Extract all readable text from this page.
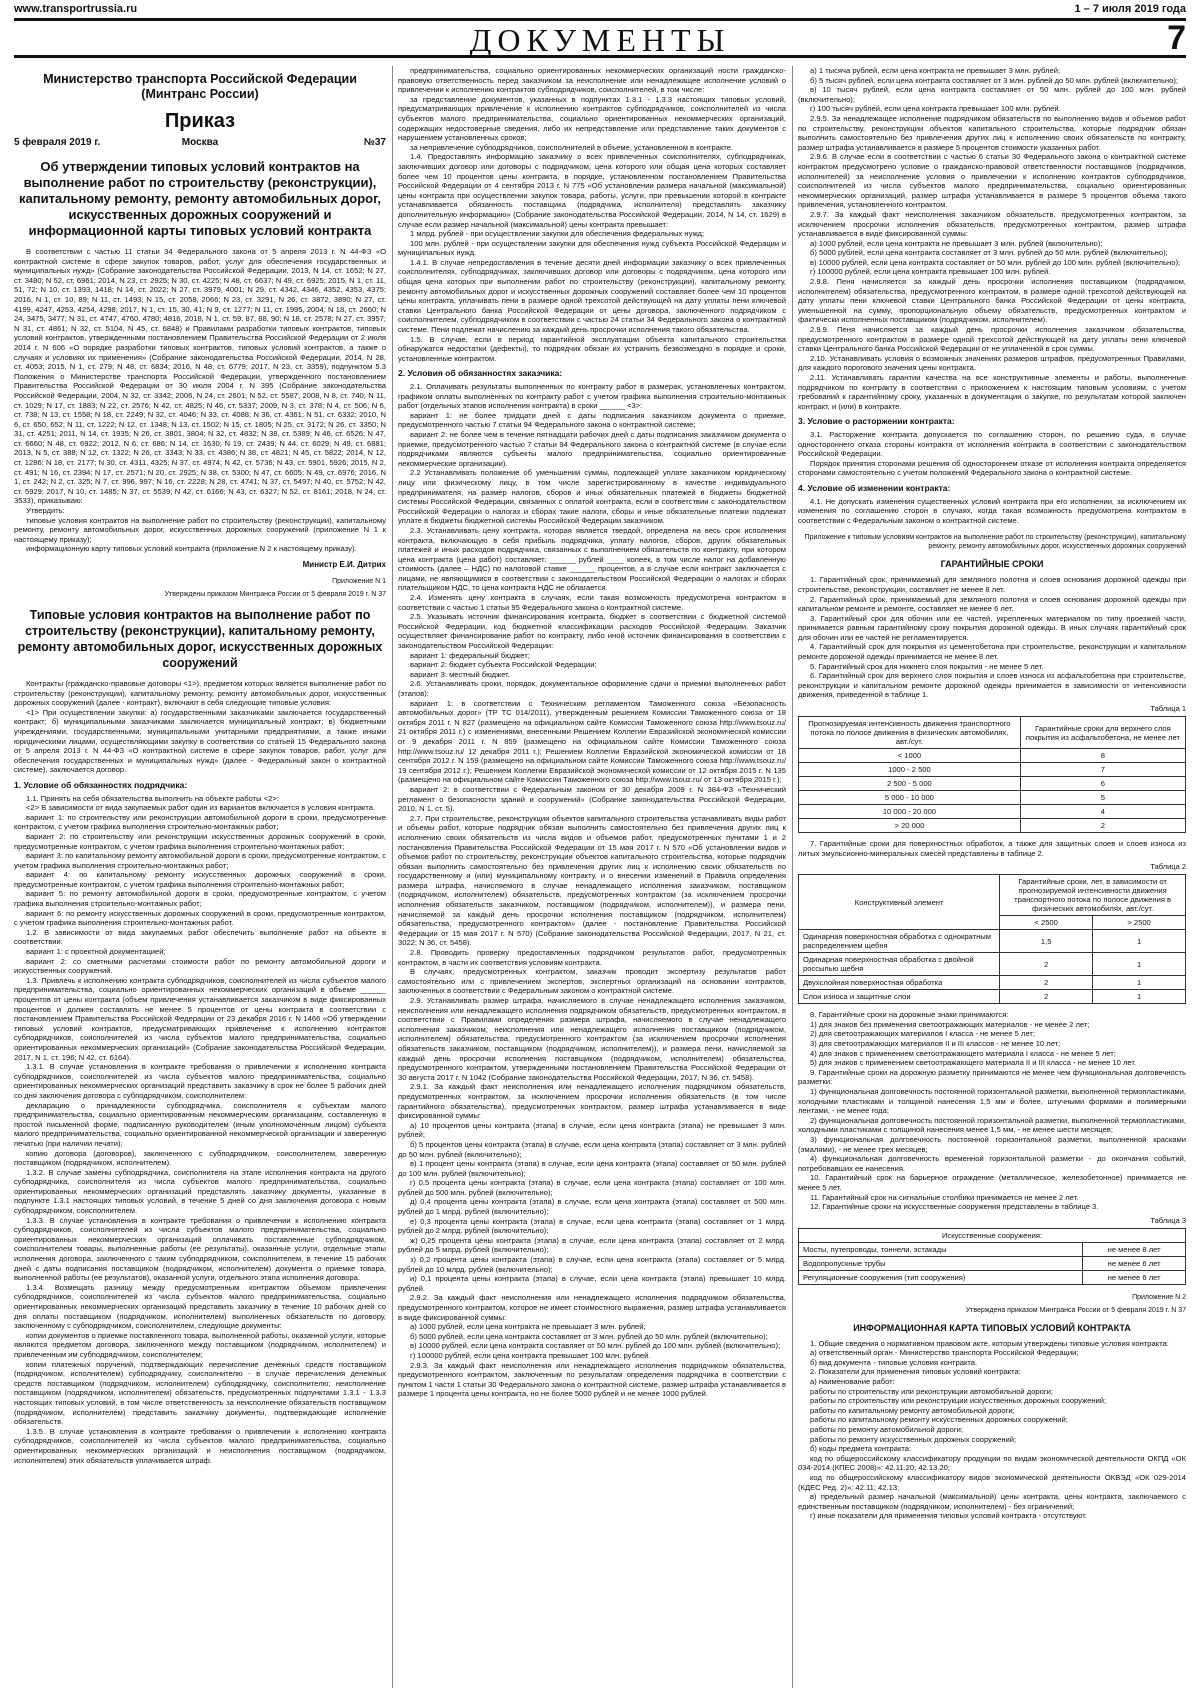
www.transportrussia.ru	1 – 7 июля 2019 года
ДОКУМЕНТЫ	7
Министерство транспорта Российской Федерации (Минтранс России)
Приказ
5 февраля 2019 г.	Москва	№37
Об утверждении типовых условий контрактов на выполнение работ по строительству (реконструкции), капитальному ремонту, ремонту автомобильных дорог, искусственных дорожных сооружений и информационной карты типовых условий контракта

В соответствии с частью 11 статьи 34 Федерального закона от 5 апреля 2013 г. N 44-ФЗ «О контрактной системе в сфере закупок товаров, работ, услуг для обеспечения государственных и муниципальных нужд» (Собрание законодательства Российской Федерации, 2013, N 14, ст. 1652; N 27, ст. 3480; N 52, ст. 6961; 2014, N 23, ст. 2925; N 30, ст. 4225; N 48, ст. 6637; N 49, ст. 6925; 2015, N 1, ст. 11, 51, 72; N 10, ст. 1393, 1418; N 14, ст. 2022; N 27, ст. 3979, 4001; N 29, ст. 4342, 4346, 4352, 4353, 4375; 2016, N 1, ст. 10, 89; N 11, ст. 1493; N 15, ст. 2058, 2066; N 23, ст. 3291, N 26, ст. 3872, 3890; N 27, ст. 4199, 4247, 4253, 4254, 4298; 2017, N 1, ст. 15, 30, 41; N 9, ст. 1277; N 11, ст. 1995, 2004; N 18, ст. 2660; N 24, 3475, 3477; N 31, ст. 4747, 4760, 4780; 4816, 2018, N 1, ст. 59, 87, 88, 90; N 18, ст. 2578; N 27, ст. 3957; N 31, ст. 4861; N 32, ст. 5104, N 45, ст. 6848) и Правилами разработки типовых контрактов, типовых условий контрактов, утвержденными постановлением Правительства Российской Федерации от 2 июля 2014 г. N 606 «О порядке разработки типовых контрактов, типовых условий контрактов, а также о случаях и условиях их применения» (Собрание законодательства Российской Федерации, 2014, N 28, ст. 4053; 2015, N 1, ст. 279; N 48, ст. 6834; 2016, N 48, ст. 6779; 2017, N 23, ст. 3359), подпунктом 5.3 Положения о Министерстве транспорта Российской Федерации, утвержденного постановлением Правительства Российской Федерации от 30 июля 2004 г. N 395 (Собрание законодательства Российской Федерации, 2004, N 32, ст. 3342; 2006, N 24, ст. 2601; N 52, ст. 5587; 2008, N 8, ст. 740; N 11, ст. 1029; N 17, ст. 1883; N 22, ст. 2576; N 42, ст. 4825; N 46, ст. 5337; 2009, N 3, ст. 378; N 4, ст. 506; N 6, ст. 738; N 13, ст. 1558; N 18, ст. 2249; N 32, ст. 4046; N 33, ст. 4088; N 36, ст. 4361; N 51, ст. 6332; 2010, N 6, ст. 650, 652; N 11, ст. 1222; N 12, ст. 1348; N 13, ст. 1502; N 15, ст. 1805; N 25, ст. 3172; N 26, ст. 3350; N 31, ст. 4251; 2011, N 14, ст. 1935; N 26, ст. 3801, 3804; N 32, ст. 4832; N 38, ст. 5389; N 46, ст. 6526; N 47, ст. 6660; N 48, ст. 6922; 2012, N 6, ст. 686; N 14, ст. 1630; N 19, ст. 2439; N 44, ст. 6029; N 49, ст. 6881; 2013, N 5, ст. 388; N 12, ст. 1322; N 26, ст. 3343; N 33, ст. 4386; N 38, ст. 4821; N 45, ст. 5822; 2014, N 12, ст. 1286; N 18, ст. 2177; N 30, ст. 4311, 4325; N 37, ст. 4974; N 42, ст. 5736; N 43, ст. 5901, 5926; 2015, N 2, ст. 491; N 16, ст. 2394; N 17, ст. 2571; N 20, ст. 2925; N 38, ст. 5300; N 47, ст. 6605; N 49, ст. 6976; 2016, N 1, ст. 242; N 2, ст. 325; N 7, ст. 996, 997; N 16, ст. 2228; N 28, ст. 4741; N 37, ст. 5497; N 40, ст. 5752; N 42, ст. 5929; 2017, N 10, ст. 1485; N 37, ст. 5539; N 42, ст. 6166; N 43, ст. 6327; N 52, ст. 8161; 2018, N 24, ст. 3533), приказываю:

Утвердить:

типовые условия контрактов на выполнение работ по строительству (реконструкции), капитальному ремонту, ремонту автомобильных дорог, искусственных дорожных сооружений (приложение N 1 к настоящему приказу);

информационную карту типовых условий контракта (приложение N 2 к настоящему приказу).

Министр Е.И. Дитрих
Приложение N 1
Утверждены приказом Минтранса России от 5 февраля 2019 г. N 37
Типовые условия контрактов на выполнение работ по строительству (реконструкции), капитальному ремонту, ремонту автомобильных дорог, искусственных дорожных сооружений

Контракты (гражданско-правовые договоры <1>), предметом которых является выполнение работ по строительству (реконструкции), капитальному ремонту, ремонту автомобильных дорог, искусственных дорожных сооружений (далее - контракт), включают в себя следующие типовые условия:

<1> При осуществлении закупки: а) государственными заказчиками заключается государственный контракт; б) муниципальными заказчиками заключается муниципальный контракт; в) бюджетными учреждениями, государственными, муниципальными унитарными предприятиями, а также иными юридическими лицами, осуществляющими закупку в соответствии со статьей 15 Федерального закона от 5 апреля 2013 г. N 44-ФЗ «О контрактной системе в сфере закупок товаров, работ, услуг для обеспечения государственных и муниципальных нужд» (далее - Федеральный закон о контрактной системе), заключается договор.

1. Условие об обязанностях подрядчика:

1.1. Принять на себя обязательства выполнить на объекте работы <2>:

<2> В зависимости от вида закупаемых работ один из вариантов включается в условия контракта.

вариант 1: по строительству или реконструкции автомобильной дороги в сроки, предусмотренные контрактом, с учетом графика выполнения строительно-монтажных работ;

вариант 2: по строительству или реконструкции искусственных дорожных сооружений в сроки, предусмотренные контрактом, с учетом графика выполнения строительно-монтажных работ;

вариант 3: по капитальному ремонту автомобильной дороги в сроки, предусмотренные контрактом, с учетом графика выполнения строительно-монтажных работ;

вариант 4: по капитальному ремонту искусственных дорожных сооружений в сроки, предусмотренные контрактом, с учетом графика выполнения строительно-монтажных работ;

вариант 5: по ремонту автомобильной дороги в сроки, предусмотренные контрактом, с учетом графика выполнения строительно-монтажных работ;

вариант 6: по ремонту искусственных дорожных сооружений в сроки, предусмотренные контрактом, с учетом графика выполнения строительно-монтажных работ.

1.2. В зависимости от вида закупаемых работ обеспечить выполнение работ на объекте в соответствии:

вариант 1: с проектной документацией;

вариант 2: со сметными расчетами стоимости работ по ремонту автомобильной дороги и искусственных сооружений.

1.3. Привлечь к исполнению контракта субподрядчиков, соисполнителей из числа субъектов малого предпринимательства, социально ориентированных некоммерческих организаций в объеме ______ процентов от цены контракта (объем привлечения устанавливается заказчиком в виде фиксированных процентов и должен составлять не менее 5 процентов от цены контракта в соответствии с постановлением Правительства Российской Федерации от 23 декабря 2016 г. N 1466 «Об утверждении типовых условий контрактов, предусматривающих привлечение к исполнению контрактов субподрядчиков, соисполнителей из числа субъектов малого предпринимательства, социально ориентированных некоммерческих организаций» (Собрание законодательства Российской Федерации, 2017, N 1, ст. 196; N 42, ст. 6164).

1.3.1. В случае установления в контракте требования о привлечении к исполнению контракта субподрядчиков, соисполнителей из числа субъектов малого предпринимательства, социально ориентированных некоммерческих организаций представить заказчику в срок не более 5 рабочих дней со дня заключения договора с субподрядчиком, соисполнителем:

декларацию о принадлежности субподрядчика, соисполнителя к субъектам малого предпринимательства, социально ориентированным некоммерческим организациям, составленную в простой письменной форме, подписанную руководителем (иным уполномоченным лицом) субъекта малого предпринимательства, социально ориентированной некоммерческой организации и заверенную печатью (при наличии печати);

копию договора (договоров), заключенного с субподрядчиком, соисполнителем, заверенную поставщиком (подрядчиком, исполнителем).

1.3.2. В случае замены субподрядчика, соисполнителя на этапе исполнения контракта на другого субподрядчика, соисполнителя из числа субъектов малого предпринимательства, социально ориентированных некоммерческих организаций представлять заказчику документы, указанные в подпункте 1.3.1 настоящих типовых условий, в течение 5 дней со дня заключения договора с новым субподрядчиком, соисполнителем.

1.3.3. В случае установления в контракте требования о привлечении к исполнению контракта субподрядчиков, соисполнителей из числа субъектов малого предпринимательства, социально ориентированных некоммерческих организаций оплачивать поставленные субподрядчиком, соисполнителем товары, выполненные работы (ее результаты), оказанные услуги, отдельные этапы исполнения договора, заключенного с таким субподрядчиком, соисполнителем, в течение 15 рабочих дней с даты подписания поставщиком (подрядчиком, исполнителем) документа о приемке товара, выполненной работы (ее результатов), оказанной услуги, отдельного этапа исполнения договора.

1.3.4. Возмещать разницу между предусмотренным контрактом объемом привлечения субподрядчиков, соисполнителей из числа субъектов малого предпринимательства, социально ориентированных некоммерческих организаций представить заказчику в течение 10 рабочих дней со дня оплаты поставщиком (подрядчиком, исполнителем) выполненных обязательств по договору, заключенному с субподрядчиком, соисполнителем, следующие документы:

копии документов о приемке поставленного товара, выполненной работы, оказанной услуги, которые являются предметом договора, заключенного между поставщиком (подрядчиком, исполнителем) и привлеченным им субподрядчиком, соисполнителем;

копии платежных поручений, подтверждающих перечисление денежных средств поставщиком (подрядчиком, исполнителем) субподрядчику, соисполнителю - в случае перечисления денежных средств поставщиком (подрядчиком, исполнителем) субподрядчику, соисполнителю; неисполнение поставщиком (подрядчиком, исполнителем) обязательств, предусмотренных подпунктами 1.3.1 - 1.3.3 настоящих типовых условий, в том числе ответственность за неисполнение обязательств поставщиком (подрядчиком, исполнителем) представить заказчику документы, подтверждающие исполнение обязательств.

1.3.5. В случае установления в контракте требования о привлечении к исполнению контракта субподрядчиков, соисполнителей из числа субъектов малого предпринимательства, социально ориентированных некоммерческих организаций и неисполнения поставщиком (подрядчиком, исполнителем) этих обязательств уплачивается штраф.

предпринимательства, социально ориентированных некоммерческих организаций ности гражданско-правовую ответственность перед заказчиком за неисполнение или ненадлежащее исполнение условий о привлечении к исполнению контрактов субподрядчиков, соисполнителей, в том числе:

за представление документов, указанных в подпунктах 1.3.1 - 1.3.3 настоящих типовых условий, предусматривающих привлечение к исполнению контрактов субподрядчиков, соисполнителей из числа субъектов малого предпринимательства, социально ориентированных некоммерческих организаций, содержащих недостоверные сведения, либо их непредставление или представление таких документов с нарушением установленных сроков;

за непривлечение субподрядчиков, соисполнителей в объеме, установленном в контракте.

1.4. Предоставлять информацию заказчику о всех привлеченных соисполнителях, субподрядчиках, заключивших договор или договоры с подрядчиком, цена которого или общая цена которых составляет более чем 10 процентов цены контракта, в порядке, установленном постановлением Правительства Российской Федерации от 4 сентября 2013 г. N 775 «Об установлении размера начальной (максимальной) цены контракта при осуществлении закупок товара, работы, услуги, при превышении которой в контракте устанавливается обязанность поставщика (подрядчика, исполнителя) представлять заказчику дополнительную информацию» (Собрание законодательства Российской Федерации, 2014, N 14, ст. 1629) в случае если размер начальной (максимальной) цены контракта превышает:

1 млрд. рублей - при осуществлении закупки для обеспечения федеральных нужд;

100 млн. рублей - при осуществлении закупки для обеспечения нужд субъекта Российской Федерации и муниципальных нужд.

1.4.1. В случае непредоставления в течение десяти дней информации заказчику о всех привлеченных соисполнителях, субподрядчиках, заключивших договор или договоры с подрядчиком, цена которого или общая цена которых при выполнении работ по строительству (реконструкции), капитальному ремонту, ремонту автомобильных дорог и искусственных дорожных сооружений составляет более чем 10 процентов цены контракта, уплачивать пени в размере одной трехсотой действующей на дату уплаты пени ключевой ставки Центрального банка Российской Федерации от цены договора, заключенного подрядчиком с соисполнителем, субподрядчиком в соответствии с частью 24 статьи 34 Федерального закона о контрактной системе. Пени подлежат начислению за каждый день просрочки исполнения такого обязательства.

1.5. В случае, если в период гарантийной эксплуатации объекта капитального строительства обнаружатся недостатки (дефекты), то подрядчик обязан их устранить безвозмездно в порядке и сроки, установленные контрактом.

2. Условия об обязанностях заказчика:

2.1. Оплачивать результаты выполненных по контракту работ в размерах, установленных контрактом, графиком оплаты выполненных по контракту работ с учетом графика выполнения строительно-монтажных работ (отдельных этапов исполнения контракта) в сроки ______ <3>:

вариант 1: не более тридцати дней с даты подписания заказчиком документа о приемке, предусмотренного частью 7 статьи 94 Федерального закона о контрактной системе;

вариант 2: не более чем в течение пятнадцати рабочих дней с даты подписания заказчиком документа о приемке, предусмотренного частью 7 статьи 94 Федерального закона о контрактной системе (в случае если подрядчиками являются субъекты малого предпринимательства, социально ориентированные некоммерческие организации).

2.2 Устанавливать положение об уменьшении суммы, подлежащей уплате заказчиком юридическому лицу или физическому лицу, в том числе зарегистрированному в качестве индивидуального предпринимателя, на размер налогов, сборов и иных обязательных платежей в бюджеты бюджетной системы Российской Федерации, связанных с оплатой контракта, если в соответствии с законодательством Российской Федерации о налогах и сборах такие налоги, сборы и иные обязательные платежи подлежат уплате в бюджеты бюджетной системы Российской Федерации заказчиком.

2.3. Устанавливать цену контракта, которая является твердой, определена на весь срок исполнения контракта, включающую в себя прибыль подрядчика, уплату налогов, сборов, других обязательных платежей и иных расходов подрядчика, связанных с выполнением обязательств по контракту, при котором цена контракта (цена работ) составляет: ______ рублей ____ копеек, в том числе налог на добавленную стоимость (далее – НДС) по налоговой ставке ______ процентов, а в случае если контракт заключается с лицами, не являющимися в соответствии с законодательством Российской Федерации о налогах и сборах плательщиком НДС, то цена контракта НДС не облагается.

2.4. Изменять цену контракта в случаях, если такая возможность предусмотрена контрактом в соответствии с частью 1 статьи 95 Федерального закона о контрактной системе.

2.5. Указывать источник финансирования контракта, бюджет в соответствии с бюджетной системой Российской Федерации, код бюджетной классификации расходов Российской Федерации. Заказчик осуществляет финансирование работ по контракту, либо иной источник финансирования в соответствии с законодательством Российской Федерации:

вариант 1: федеральный бюджет;

вариант 2: бюджет субъекта Российской Федерации;

вариант 3: местный бюджет.

2.6. Устанавливать сроки, порядок, документальное оформление сдачи и приемки выполненных работ (этапов):

вариант 1: в соответствии с Техническим регламентом Таможенного союза «Безопасность автомобильных дорог» (ТР ТС 014/2011), утвержденным решением Комиссии Таможенного союза от 18 октября 2011 г. N 827 (размещено на официальном сайте Комиссии Таможенного союза http://www.tsouz.ru/ 21 октября 2011 г.) с изменениями, внесенными Решением Коллегии Евразийской экономической комиссии от 9 декабря 2011 г. N 859 (размещено на официальном сайте Комиссии Таможенного союза http://www.tsouz.ru/ 12 декабря 2011 г.); Решением Коллегии Евразийской экономической комиссии от 18 сентября 2012 г. N 159 (размещено на официальном сайте Комиссии Таможенного союза http://www.tsouz.ru/ 19 сентября 2012 г.); Решением Коллегии Евразийской экономической комиссии от 12 октября 2015 г. N 135 (размещено на официальном сайте Комиссии Таможенного союза http://www.tsouz.ru/ от 13 октября 2015 г.);

вариант 2: в соответствии с Федеральным законом от 30 декабря 2009 г. N 384-ФЗ «Технический регламент о безопасности зданий и сооружений» (Собрание законодательства Российской Федерации, 2010, N 1, ст. 5).

2.7. При строительстве, реконструкции объектов капитального строительства устанавливать виды работ и объемы работ, которые подрядчик обязан выполнить самостоятельно без привлечения других лиц к исполнению своих обязательств из числа видов и объемов работ, предусмотренных пунктами 1 и 2 постановления Правительства Российской Федерации от 15 мая 2017 г. N 570 «Об установлении видов и объемов работ по строительству, реконструкции объектов капитального строительства, которые подрядчик обязан выполнить самостоятельно без привлечения других лиц к исполнению своих обязательств по государственному и (или) муниципальному контракту, и о внесении изменений в Правила определения размера штрафа, начисляемого в случае ненадлежащего исполнения заказчиком, поставщиком (подрядчиком, исполнителем) обязательств, предусмотренных контрактом (за исключением просрочки исполнения обязательств заказчиком, поставщиком (подрядчиком, исполнителем)), и размера пени, начисляемой за каждый день просрочки исполнения поставщиком (подрядчиком, исполнителем) обязательства, предусмотренного контрактом» (далее - постановление Правительства Российской Федерации от 15 мая 2017 г. N 570) (Собрание законодательства Российской Федерации, 2017, N 21, ст. 3022; N 36, ст. 5458).

2.8. Проводить проверку предоставленных подрядчиком результатов работ, предусмотренных контрактом, в части их соответствия условиям контракта.

В случаях, предусмотренных контрактом, заказчик проводит экспертизу результатов работ самостоятельно или с привлечением экспертов, экспертных организаций на основании контрактов, заключенных в соответствии с Федеральным законом о контрактной системе.

2.9. Устанавливать размер штрафа, начисляемого в случае ненадлежащего исполнения заказчиком, неисполнения или ненадлежащего исполнения подрядчиком обязательств, предусмотренных контрактом, в соответствии с Правилами определения размера штрафа, начисляемого в случае ненадлежащего исполнения заказчиком, неисполнения или ненадлежащего исполнения поставщиком (подрядчиком, исполнителем) обязательства, предусмотренного контрактом (за исключением просрочки исполнения обязательств заказчиком, поставщиком (подрядчиком, исполнителем)), и размера пени, начисляемой за каждый день просрочки исполнения поставщиком (подрядчиком, исполнителем) обязательства, предусмотренного контрактом, утвержденными постановлением Правительства Российской Федерации от 30 августа 2017 г. N 1042 (Собрание законодательства Российской Федерации, 2017, N 36, ст. 5458).

2.9.1. За каждый факт неисполнения или ненадлежащего исполнения подрядчиком обязательств, предусмотренных контрактом, за исключением просрочки исполнения обязательств (в том числе гарантийного обязательства), предусмотренных контрактом, размер штрафа устанавливается в виде фиксированной суммы:

а) 10 процентов цены контракта (этапа) в случае, если цена контракта (этапа) не превышает 3 млн. рублей;

б) 5 процентов цены контракта (этапа) в случае, если цена контракта (этапа) составляет от 3 млн. рублей до 50 млн. рублей (включительно);

в) 1 процент цены контракта (этапа) в случае, если цена контракта (этапа) составляет от 50 млн. рублей до 100 млн. рублей (включительно);

г) 0,5 процента цены контракта (этапа) в случае, если цена контракта (этапа) составляет от 100 млн. рублей до 500 млн. рублей (включительно);

д) 0,4 процента цены контракта (этапа) в случае, если цена контракта (этапа) составляет от 500 млн. рублей до 1 млрд. рублей (включительно);

е) 0,3 процента цены контракта (этапа) в случае, если цена контракта (этапа) составляет от 1 млрд. рублей до 2 млрд. рублей (включительно);

ж) 0,25 процента цены контракта (этапа) в случае, если цена контракта (этапа) составляет от 2 млрд. рублей до 5 млрд. рублей (включительно);

з) 0,2 процента цены контракта (этапа) в случае, если цена контракта (этапа) составляет от 5 млрд. рублей до 10 млрд. рублей (включительно);

и) 0,1 процента цены контракта (этапа) в случае, если цена контракта (этапа) превышает 10 млрд. рублей.

2.9.2. За каждый факт неисполнения или ненадлежащего исполнения подрядчиком обязательства, предусмотренного контрактом, которое не имеет стоимостного выражения, размер штрафа устанавливается в виде фиксированной суммы:

а) 1000 рублей, если цена контракта не превышает 3 млн. рублей;

б) 5000 рублей, если цена контракта составляет от 3 млн. рублей до 50 млн. рублей (включительно);

в) 10000 рублей, если цена контракта составляет от 50 млн. рублей до 100 млн. рублей (включительно);

г) 100000 рублей, если цена контракта превышает 100 млн. рублей.

2.9.3. За каждый факт неисполнения или ненадлежащего исполнения подрядчиком обязательства, предусмотренного контрактом, заключенным по результатам определения подрядчика в соответствии с пунктом 1 части 1 статьи 30 Федерального закона о контрактной системе, размер штрафа устанавливается в размере 1 процента цены контракта, но не более 5000 рублей и не менее 1000 рублей.

а) 1 тысяча рублей, если цена контракта не превышает 3 млн. рублей;

б) 5 тысяч рублей, если цена контракта составляет от 3 млн. рублей до 50 млн. рублей (включительно);

в) 10 тысяч рублей, если цена контракта составляет от 50 млн. рублей до 100 млн. рублей (включительно);

г) 100 тысяч рублей, если цена контракта превышает 100 млн. рублей.

2.9.5. За ненадлежащее исполнение подрядчиком обязательств по выполнению видов и объемов работ по строительству, реконструкции объектов капитального строительства, которые подрядчик обязан выполнить самостоятельно без привлечения других лиц к исполнению своих обязательств по контракту, размер штрафа устанавливается в размере 5 процентов стоимости указанных работ.

2.9.6. В случае если в соответствии с частью 6 статьи 30 Федерального закона о контрактной системе контрактом предусмотрено условие о гражданско-правовой ответственности поставщиков (подрядчиков, исполнителей) за неисполнение условия о привлечении к исполнению контрактов субподрядчиков, соисполнителей из числа субъектов малого предпринимательства, социально ориентированных некоммерческих организаций, размер штрафа устанавливается в размере 5 процентов объема такого привлечения, установленного контрактом.

2.9.7. За каждый факт неисполнения заказчиком обязательств, предусмотренных контрактом, за исключением просрочки исполнения обязательств, предусмотренных контрактом, размер штрафа устанавливается в виде фиксированной суммы:

а) 1000 рублей, если цена контракта не превышает 3 млн. рублей (включительно);

б) 5000 рублей, если цена контракта составляет от 3 млн. рублей до 50 млн. рублей (включительно);

в) 10000 рублей, если цена контракта составляет от 50 млн. рублей до 100 млн. рублей (включительно);

г) 100000 рублей, если цена контракта превышает 100 млн. рублей.

2.9.8. Пеня начисляется за каждый день просрочки исполнения поставщиком (подрядчиком, исполнителем) обязательства, предусмотренного контрактом, в размере одной трехсотой действующей на дату уплаты пени ключевой ставки Центрального банка Российской Федерации от цены контракта, уменьшенной на сумму, пропорциональную объему обязательств, предусмотренных контрактом и фактически исполненных поставщиком (подрядчиком, исполнителем).

2.9.9. Пеня начисляется за каждый день просрочки исполнения заказчиком обязательства, предусмотренного контрактом в размере одной трехсотой действующей на дату уплаты пени ключевой ставки Центрального банка Российской Федерации от не уплаченной в срок суммы.

2.10. Устанавливать условия о возможных значениях размеров штрафов, предусмотренных Правилами, для каждого порогового значения цены контракта.

2.11. Устанавливать гарантии качества на все конструктивные элементы и работы, выполненные подрядчиком по контракту в соответствии с приложением к настоящим типовым условиям, с учетом требований к гарантийному сроку, указанных в документации о закупке, по результатам которой заключен контракт, и (или) в контракте.

3. Условие о расторжении контракта:

3.1. Расторжение контракта допускается по соглашению сторон, по решению суда, в случае одностороннего отказа стороны контракта от исполнения контракта в соответствии с законодательством Российской Федерации.

Порядок принятия сторонами решения об одностороннем отказе от исполнения контракта определяется сторонами самостоятельно с учетом положений Федерального закона о контрактной системе.

4. Условие об изменении контракта:

4.1. Не допускать изменения существенных условий контракта при его исполнении, за исключением их изменения по соглашению сторон в случаях, когда такая возможность предусмотрена контрактом в соответствии с Федеральным законом о контрактной системе.

Приложение к типовым условиям контрактов на выполнение работ по строительству (реконструкции), капитальному ремонту, ремонту автомобильных дорог, искусственных дорожных сооружений
ГАРАНТИЙНЫЕ СРОКИ

1. Гарантийный срок, принимаемый для земляного полотна и слоев основания дорожной одежды при строительстве, реконструкции, составляет не менее 8 лет.

2. Гарантийный срок, принимаемый для земляного полотна и слоев основания дорожной одежды при капитальном ремонте и ремонте, составляет не менее 6 лет.

3. Гарантийный срок для обочин или ее частей, укрепленных материалом по типу проезжей части, принимается равным гарантийному сроку покрытия дорожной одежды. В иных случаях гарантийный срок для обочин или ее частей не регламентируется.

4. Гарантийный срок для покрытия из цементобетона при строительстве, реконструкции и капитальном ремонте дорожной одежды принимается не менее 8 лет.

5. Гарантийный срок для нижнего слоя покрытия - не менее 5 лет.

6. Гарантийный срок для верхнего слоя покрытия и слоев износа из асфальтобетона при строительстве, реконструкции и капитальном ремонте дорожной одежды принимается в зависимости от интенсивности движения, приведенной в таблице 1.

Таблица 1
Прогнозируемая интенсивность движения транспортного потока по полосе движения в физических автомобилях, авт./сут.	Гарантийные сроки для верхнего слоя покрытия из асфальтобетона, не менее лет
< 1000	8
1000 - 2 500	7
2 500 - 5 000	6
5 000 - 10 000	5
10 000 - 20 000	4
> 20 000	2

7. Гарантийные сроки для поверхностных обработок, а также для защитных слоев и слоев износа из литых эмульсионно-минеральных смесей представлены в таблице 2.

Таблица 2
Конструктивный элемент	Гарантийные сроки, лет, в зависимости от прогнозируемой интенсивности движения транспортного потока по полосе движения в физических автомобилях, авт./сут.	
	< 2500	> 2500
Одинарная поверхностная обработка с однократным распределением щебня	1,5	1
Одинарная поверхностная обработка с двойной россыпью щебня	2	1
Двухслойная поверхностная обработка	2	1
Слои износа и защитные слои	2	1

8. Гарантийные сроки на дорожные знаки принимаются:

1) для знаков без применения светоотражающих материалов - не менее 2 лет;

2) для светоотражающих материалов I класса - не менее 5 лет;

3) для светоотражающих материалов II и III классов - не менее 10 лет;

4) для знаков с применением светоотражающего материала I класса - не менее 5 лет;

5) для знаков с применением светоотражающего материала II и III класса - не менее 10 лет.

9. Гарантийные сроки на дорожную разметку принимаются не менее чем функциональная долговечность разметки:

1) функциональная долговечность постоянной горизонтальной разметки, выполненной термопластиками, холодными пластиками и толщиной нанесения 1,5 мм и более, штучными формами и полимерными лентами, - не менее года;

2) функциональная долговечность постоянной горизонтальной разметки, выполненной термопластиками, холодными пластиками с толщиной нанесения менее 1,5 мм, - не менее шести месяцев;

3) функциональная долговечность постоянной горизонтальной разметки, выполненной красками (эмалями), - не менее трех месяцев;

4) функциональная долговечность временной горизонтальной разметки - до окончания событий, потребовавших ее нанесения.

10. Гарантийный срок на барьерное ограждение (металлическое, железобетонное) принимается не менее 5 лет.

11. Гарантийный срок на сигнальные столбики принимается не менее 2 лет.

12. Гарантийные сроки на искусственные сооружения представлены в таблице 3.

Таблица 3
Искусственные сооружения:	
Мосты, путепроводы, тоннели, эстакады	не менее 8 лет
Водопропускные трубы	не менее 6 лет
Регуляционные сооружения (тип сооружения)	не менее 6 лет
Приложение N 2
Утверждена приказом Минтранса России от 5 февраля 2019 г. N 37
ИНФОРМАЦИОННАЯ КАРТА ТИПОВЫХ УСЛОВИЙ КОНТРАКТА

1. Общие сведения о нормативном правовом акте, которым утверждены типовые условия контракта:

а) ответственный орган - Министерство транспорта Российской Федерации;

б) вид документа - типовые условия контракта.

2. Показатели для применения типовых условий контракта:

а) наименование работ:

работы по строительству или реконструкции автомобильной дороги;

работы по строительству или реконструкции искусственных дорожных сооружений;

работы по капитальному ремонту автомобильной дороги;

работы по капитальному ремонту искусственных дорожных сооружений;

работы по ремонту автомобильной дороги;

работы по ремонту искусственных дорожных сооружений;

б) коды предмета контракта:

код по общероссийскому классификатору продукции по видам экономической деятельности ОКПД «ОК 034-2014 (КПЕС 2008)»: 42.11.20; 42.13.20;

код по общероссийскому классификатору видов экономической деятельности ОКВЭД «ОК 029-2014 (КДЕС Ред. 2)»: 42.11; 42.13;

в) предельный размер начальной (максимальной) цены контракта, цены контракта, заключаемого с единственным поставщиком (подрядчиком, исполнителем) - без ограничений;

г) иные показатели для применения типовых условий контракта - отсутствуют.
